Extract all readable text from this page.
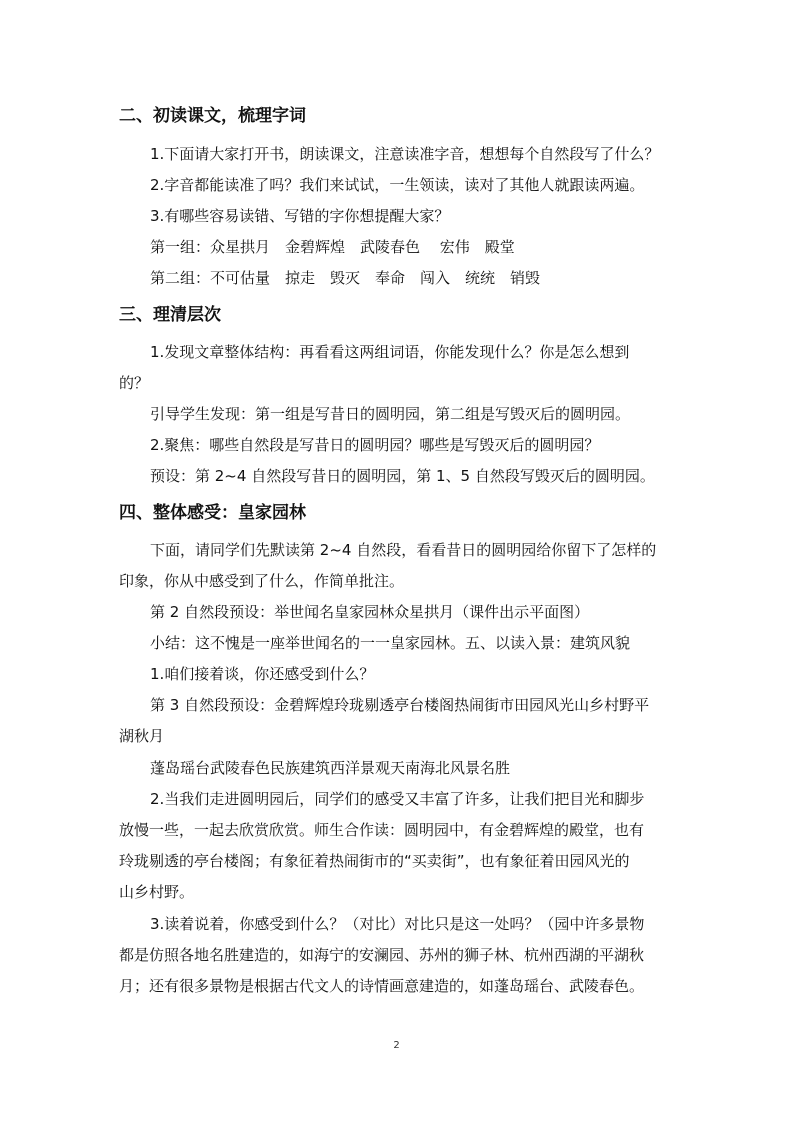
二、初读课文，梳理字词
1.下面请大家打开书，朗读课文，注意读准字音，想想每个自然段写了什么？
2.字音都能读准了吗？我们来试试，一生领读，读对了其他人就跟读两遍。
3.有哪些容易读错、写错的字你想提醒大家？
第一组：众星拱月　金碧辉煌　武陵春色　 宏伟　殿堂
第二组：不可估量　掠走　毁灭　奉命　闯入　统统　销毁
三、理清层次
1.发现文章整体结构：再看看这两组词语，你能发现什么？你是怎么想到
的？
引导学生发现：第一组是写昔日的圆明园，第二组是写毁灭后的圆明园。
2.聚焦：哪些自然段是写昔日的圆明园？哪些是写毁灭后的圆明园？
预设：第 2~4 自然段写昔日的圆明园，第 1、5 自然段写毁灭后的圆明园。
四、整体感受：皇家园林
下面，请同学们先默读第 2~4 自然段，看看昔日的圆明园给你留下了怎样的
印象，你从中感受到了什么，作简单批注。
第 2 自然段预设：举世闻名皇家园林众星拱月（课件出示平面图）
小结：这不愧是一座举世闻名的一一皇家园林。五、以读入景：建筑风貌
1.咱们接着谈，你还感受到什么？
第 3 自然段预设：金碧辉煌玲珑剔透亭台楼阁热闹街市田园风光山乡村野平
湖秋月
蓬岛瑶台武陵春色民族建筑西洋景观天南海北风景名胜
2.当我们走进圆明园后，同学们的感受又丰富了许多，让我们把目光和脚步
放慢一些，一起去欣赏欣赏。师生合作读：圆明园中，有金碧辉煌的殿堂，也有
玲珑剔透的亭台楼阁；有象征着热闹街市的“买卖街”，也有象征着田园风光的
山乡村野。
3.读着说着，你感受到什么？（对比）对比只是这一处吗？（园中许多景物
都是仿照各地名胜建造的，如海宁的安澜园、苏州的狮子林、杭州西湖的平湖秋
月；还有很多景物是根据古代文人的诗情画意建造的，如蓬岛瑶台、武陵春色。
2
